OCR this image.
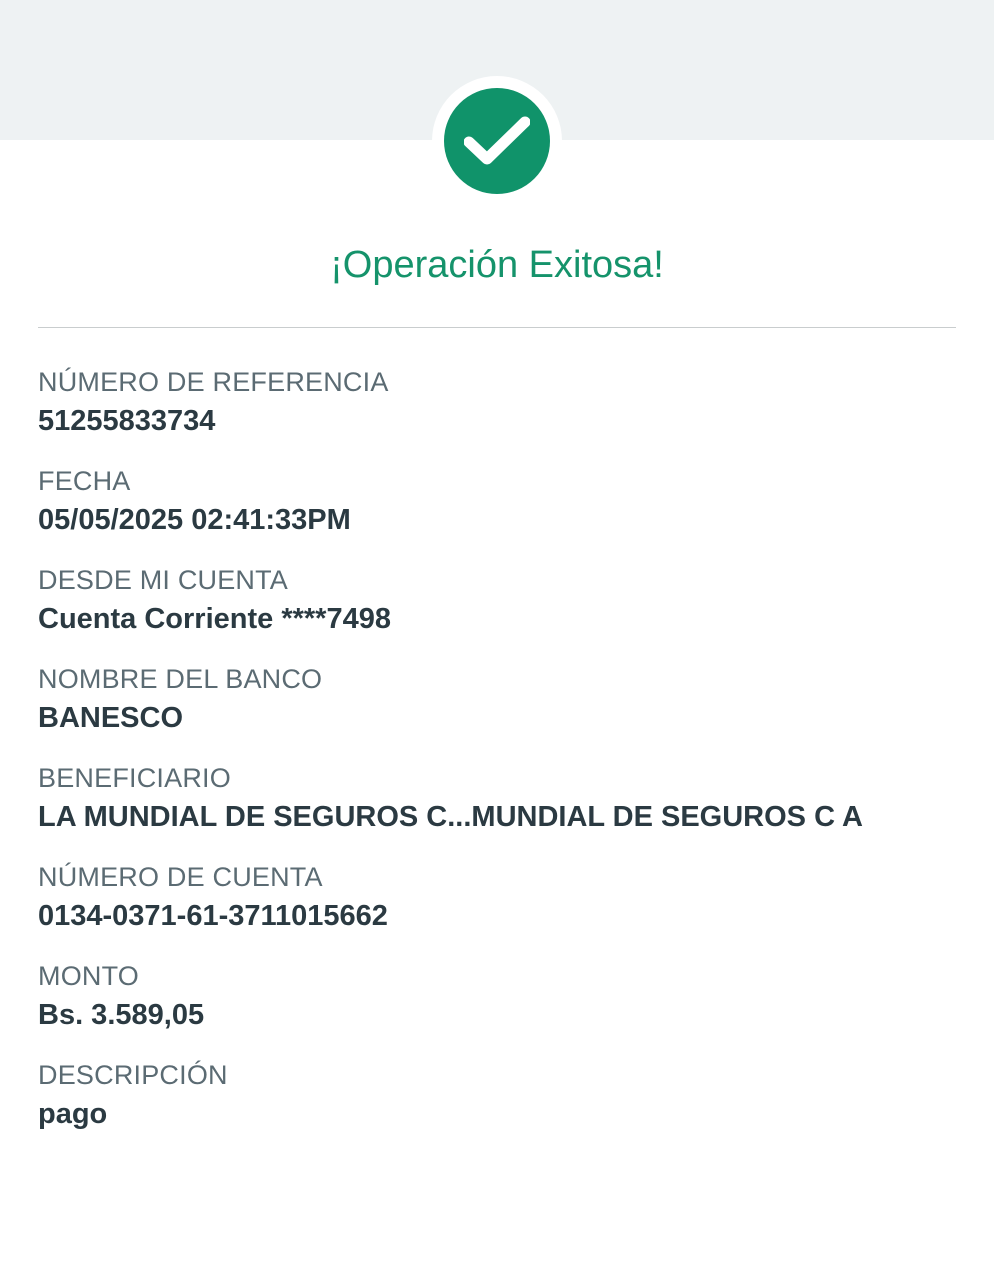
¡Operación Exitosa!
NÚMERO DE REFERENCIA
51255833734
FECHA
05/05/2025 02:41:33PM
DESDE MI CUENTA
Cuenta Corriente ****7498
NOMBRE DEL BANCO
BANESCO
BENEFICIARIO
LA MUNDIAL DE SEGUROS C...MUNDIAL DE SEGUROS C A
NÚMERO DE CUENTA
0134-0371-61-3711015662
MONTO
Bs. 3.589,05
DESCRIPCIÓN
pago
